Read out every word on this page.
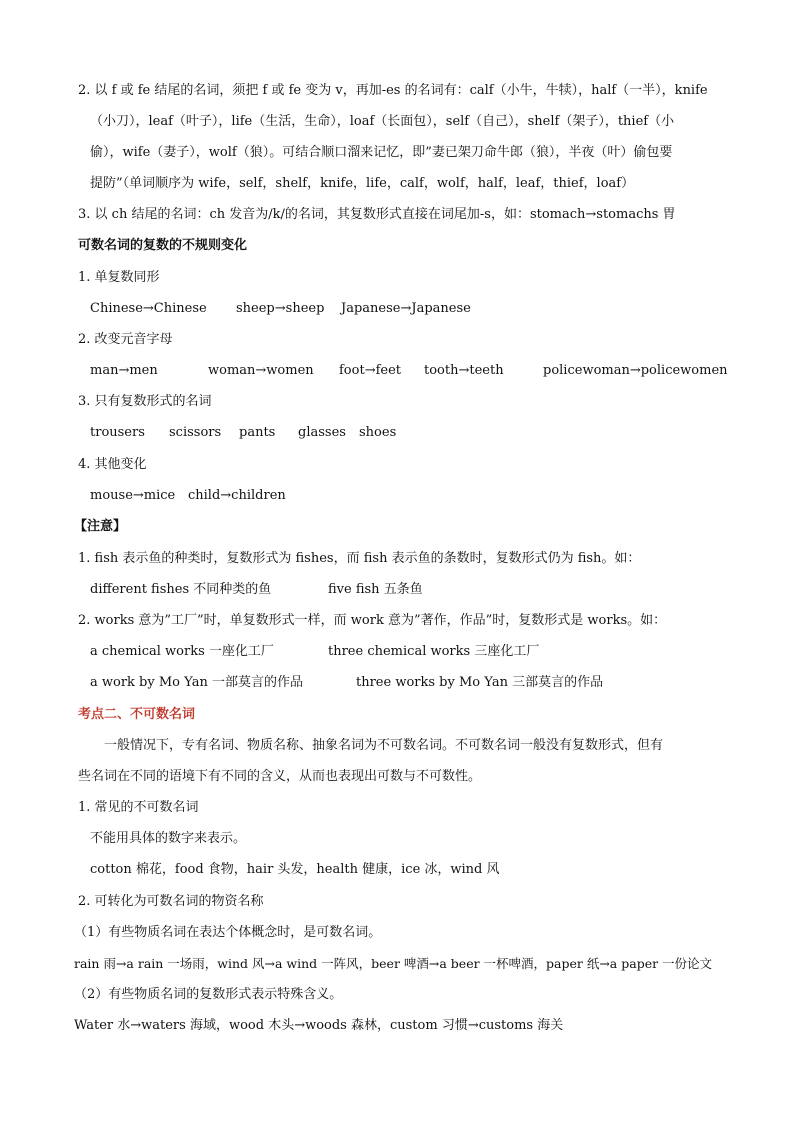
2. 以 f 或 fe 结尾的名词，须把 f 或 fe 变为 v，再加-es 的名词有：calf（小牛，牛犊），half（一半），knife
（小刀），leaf（叶子），life（生活，生命），loaf（长面包），self（自己），shelf（架子），thief（小
偷），wife（妻子），wolf（狼）。可结合顺口溜来记忆，即”妻已架刀命牛郎（狼），半夜（叶）偷包要
提防”（单词顺序为 wife，self，shelf，knife，life，calf，wolf，half，leaf，thief，loaf）
3. 以 ch 结尾的名词：ch 发音为/k/的名词，其复数形式直接在词尾加-s，如：stomach→stomachs 胃
可数名词的复数的不规则变化
1. 单复数同形
Chinese→Chinese sheep→sheep Japanese→Japanese
2. 改变元音字母
man→men	woman→women foot→feet tooth→teeth	policewoman→policewomen
3. 只有复数形式的名词
trousers scissors pants glasses shoes
4. 其他变化
mouse→mice child→children
【注意】
1. fish 表示鱼的种类时，复数形式为 fishes，而 fish 表示鱼的条数时，复数形式仍为 fish。如：
different fishes 不同种类的鱼	five fish 五条鱼
2. works 意为”工厂”时，单复数形式一样，而 work 意为”著作，作品”时，复数形式是 works。如：
a chemical works 一座化工厂	three chemical works 三座化工厂
a work by Mo Yan 一部莫言的作品	three works by Mo Yan 三部莫言的作品
考点二、不可数名词
一般情况下，专有名词、物质名称、抽象名词为不可数名词。不可数名词一般没有复数形式，但有
些名词在不同的语境下有不同的含义，从而也表现出可数与不可数性。
1. 常见的不可数名词
不能用具体的数字来表示。
cotton 棉花，food 食物，hair 头发，health 健康，ice 冰，wind 风
2. 可转化为可数名词的物资名称
（1）有些物质名词在表达个体概念时，是可数名词。
rain 雨→a rain 一场雨，wind 风→a wind 一阵风，beer 啤酒→a beer 一杯啤酒，paper 纸→a paper 一份论文
（2）有些物质名词的复数形式表示特殊含义。
Water 水→waters 海域，wood 木头→woods 森林，custom 习惯→customs 海关
